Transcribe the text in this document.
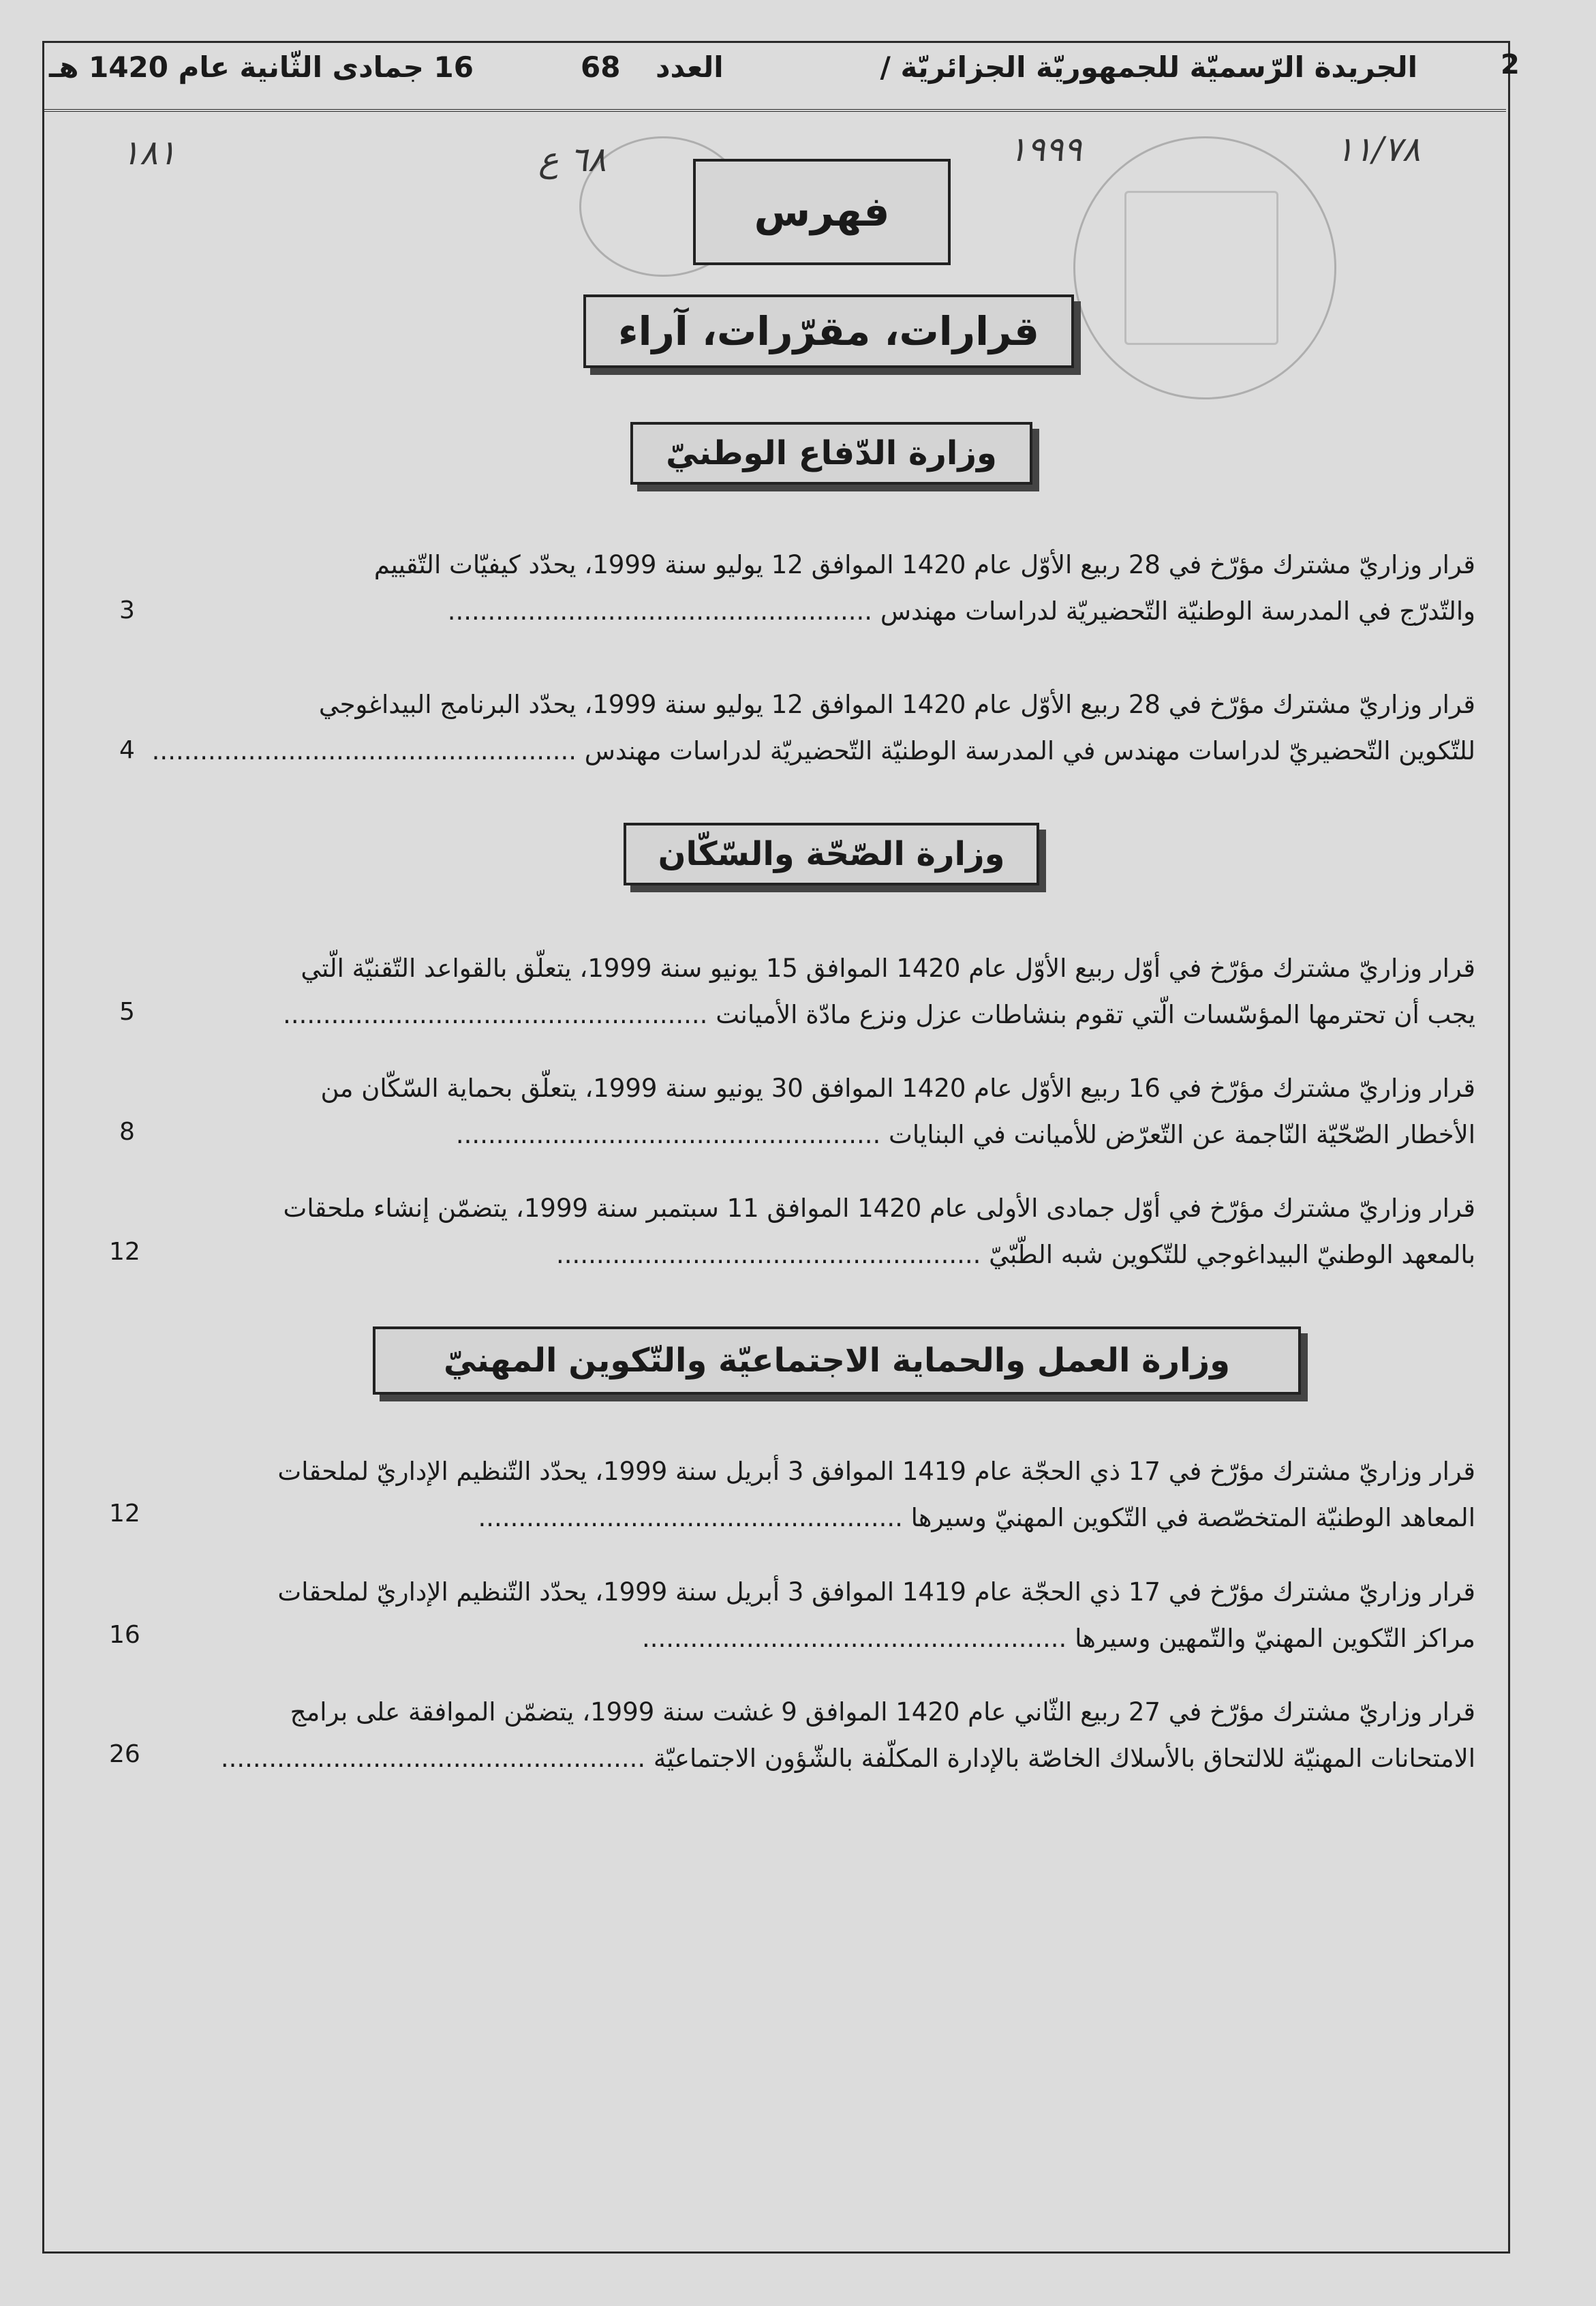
2
الجريدة الرّسميّة للجمهوريّة الجزائريّة /
العدد
68
16 جمادى الثّانية عام 1420 هـ
١٨١	٦٨ ع	١٩٩٩	١١/٧٨
فهرس
قرارات، مقرّرات، آراء
وزارة الدّفاع الوطنيّ
قرار وزاريّ مشترك مؤرّخ في 28 ربيع الأوّل عام 1420 الموافق 12 يوليو سنة 1999، يحدّد كيفيّات التّقييم
والتّدرّج في المدرسة الوطنيّة التّحضيريّة لدراسات مهندس .....................................................
3
قرار وزاريّ مشترك مؤرّخ في 28 ربيع الأوّل عام 1420 الموافق 12 يوليو سنة 1999، يحدّد البرنامج البيداغوجي
للتّكوين التّحضيريّ لدراسات مهندس في المدرسة الوطنيّة التّحضيريّة لدراسات مهندس .....................................................
4
وزارة الصّحّة والسّكّان
قرار وزاريّ مشترك مؤرّخ في أوّل ربيع الأوّل عام 1420 الموافق 15 يونيو سنة 1999، يتعلّق بالقواعد التّقنيّة الّتي
يجب أن تحترمها المؤسّسات الّتي تقوم بنشاطات عزل ونزع مادّة الأميانت .....................................................
5
قرار وزاريّ مشترك مؤرّخ في 16 ربيع الأوّل عام 1420 الموافق 30 يونيو سنة 1999، يتعلّق بحماية السّكّان من
الأخطار الصّحّيّة النّاجمة عن التّعرّض للأميانت في البنايات .....................................................
8
قرار وزاريّ مشترك مؤرّخ في أوّل جمادى الأولى عام 1420 الموافق 11 سبتمبر سنة 1999، يتضمّن إنشاء ملحقات
بالمعهد الوطنيّ البيداغوجي للتّكوين شبه الطّبّيّ .....................................................
12
وزارة العمل والحماية الاجتماعيّة والتّكوين المهنيّ
قرار وزاريّ مشترك مؤرّخ في 17 ذي الحجّة عام 1419 الموافق 3 أبريل سنة 1999، يحدّد التّنظيم الإداريّ لملحقات
المعاهد الوطنيّة المتخصّصة في التّكوين المهنيّ وسيرها .....................................................
12
قرار وزاريّ مشترك مؤرّخ في 17 ذي الحجّة عام 1419 الموافق 3 أبريل سنة 1999، يحدّد التّنظيم الإداريّ لملحقات
مراكز التّكوين المهنيّ والتّمهين وسيرها .....................................................
16
قرار وزاريّ مشترك مؤرّخ في 27 ربيع الثّاني عام 1420 الموافق 9 غشت سنة 1999، يتضمّن الموافقة على برامج
الامتحانات المهنيّة للالتحاق بالأسلاك الخاصّة بالإدارة المكلّفة بالشّؤون الاجتماعيّة .....................................................
26
